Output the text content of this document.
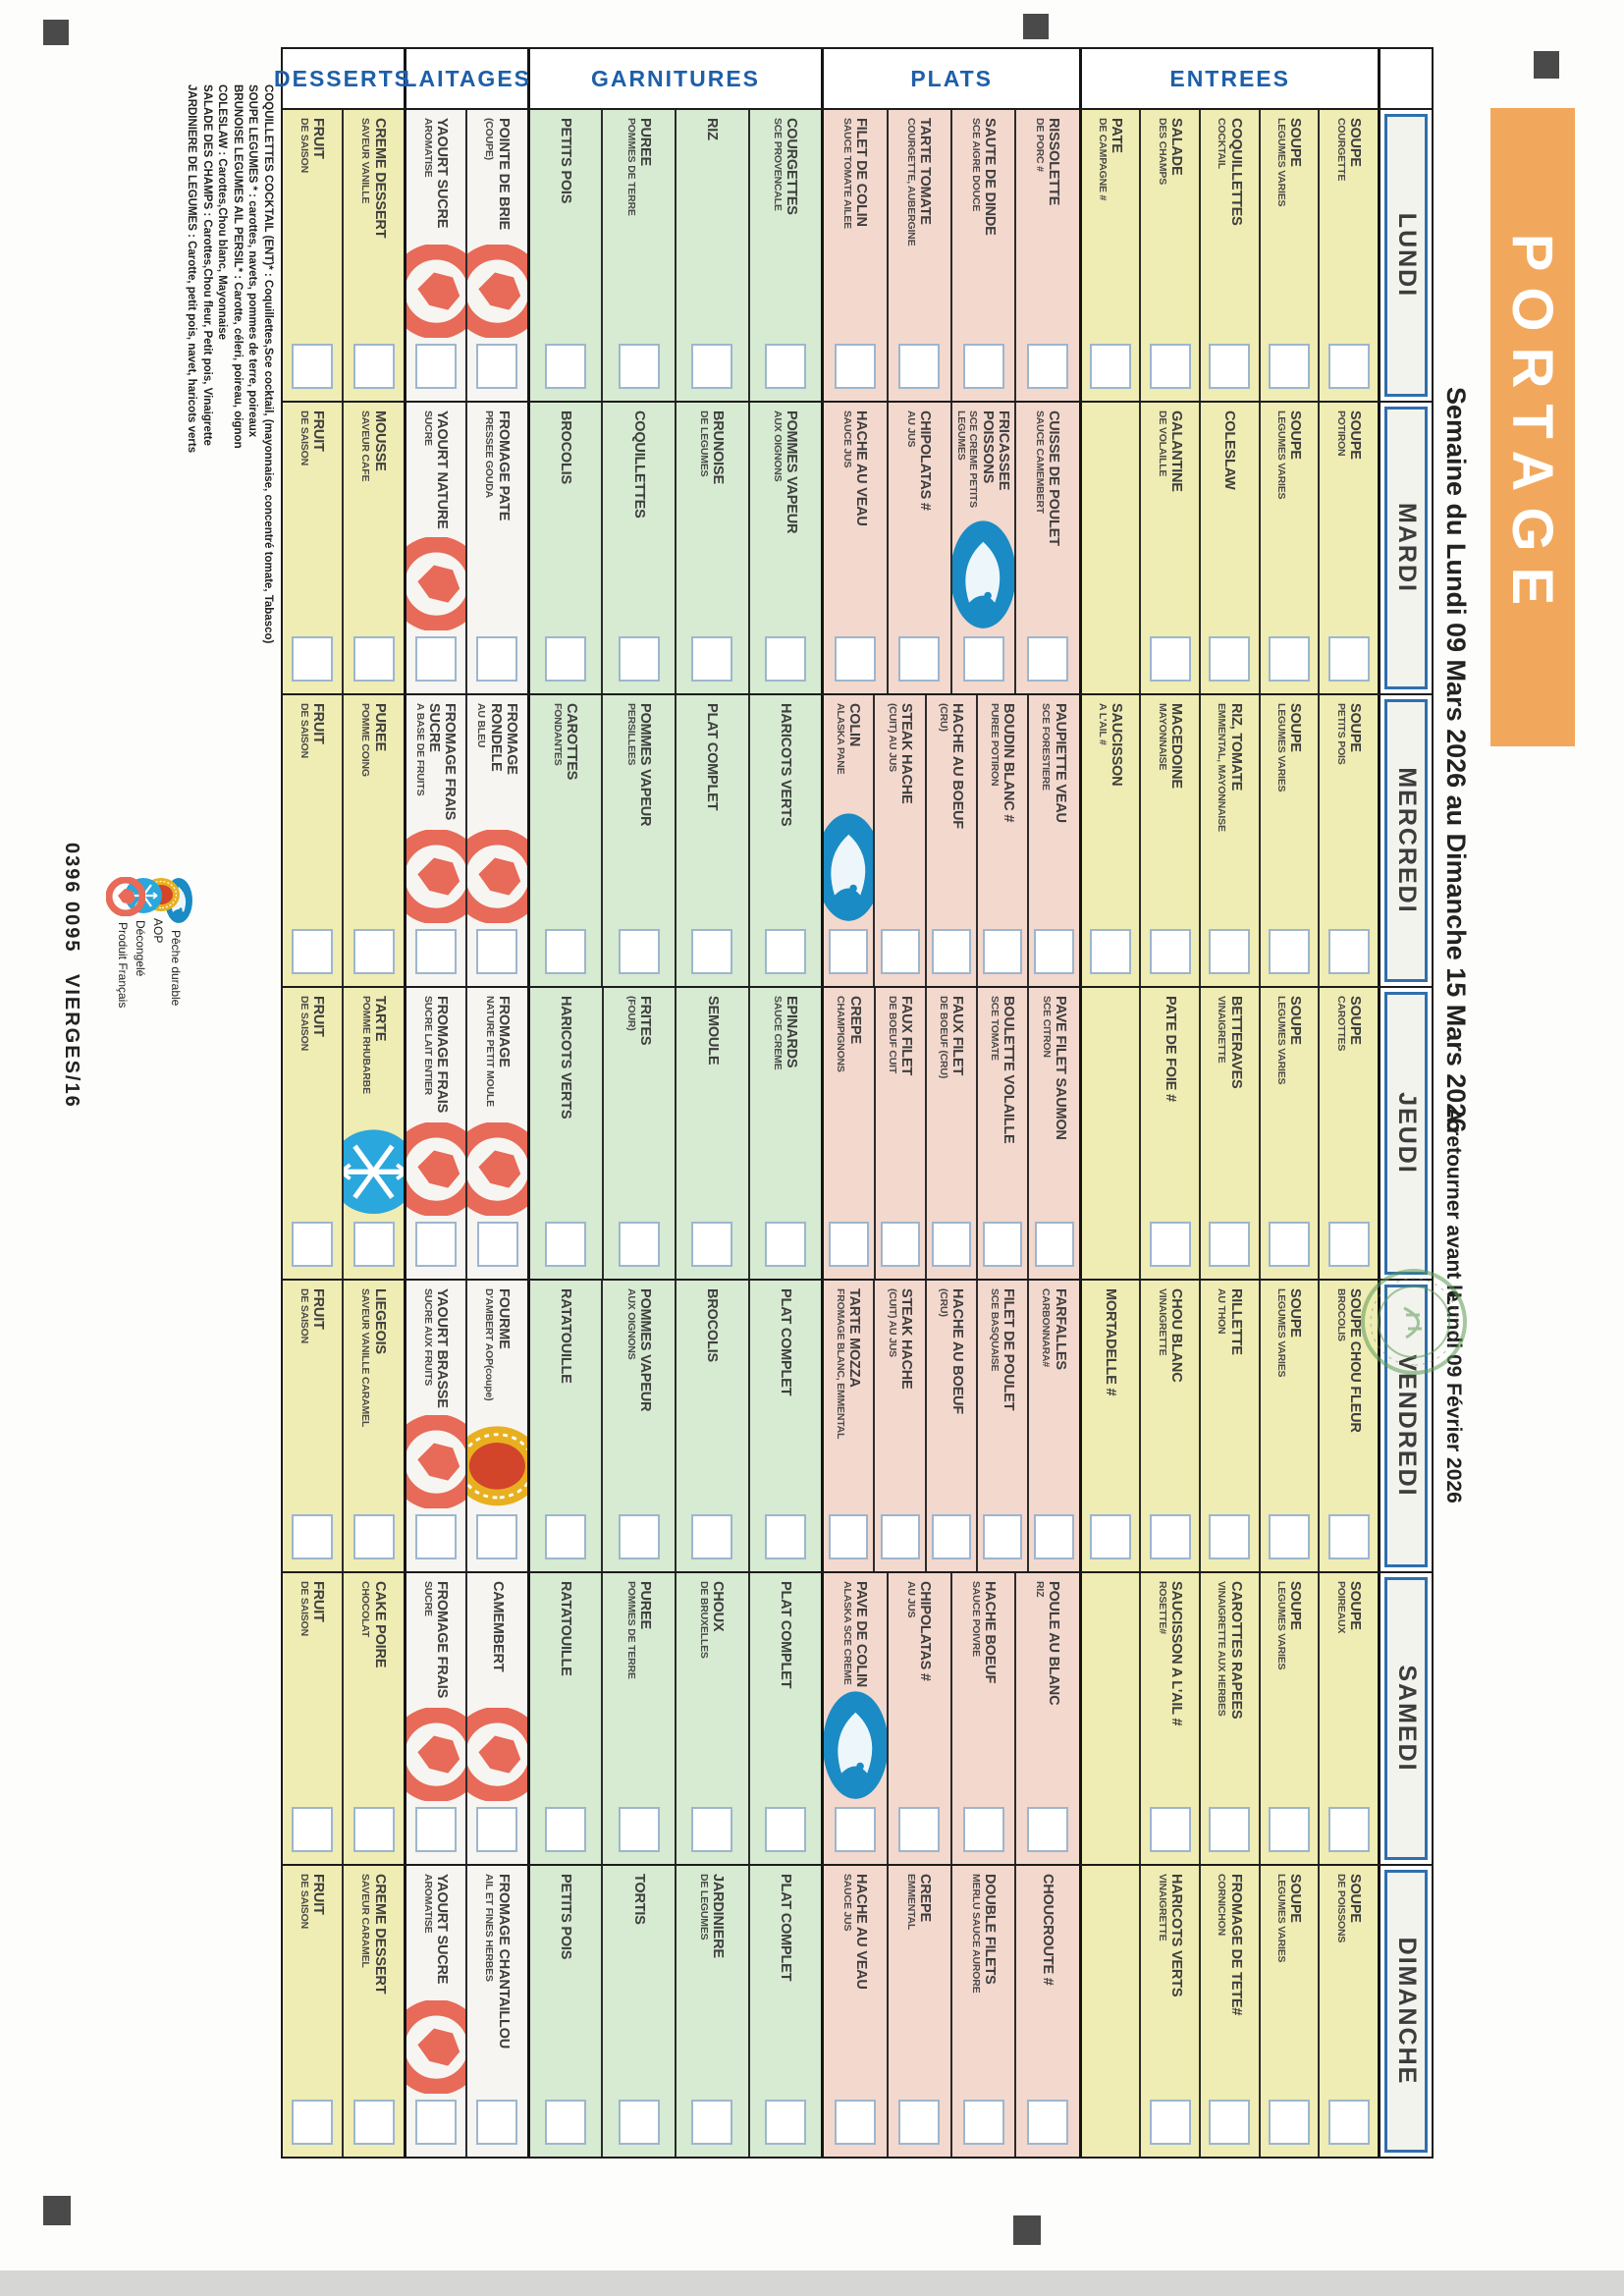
PORTAGE
Semaine du Lundi 09 Mars 2026 au Dimanche 15 Mars 2026
A retourner avant le
Lundi 09 Février 2026
ENTREES
PLATS
GARNITURES
LAITAGES
DESSERTS
LUNDI
SOUPE
COURGETTE
SOUPE
LEGUMES VARIES
COQUILLETTES
COCKTAIL
SALADE
DES CHAMPS
PATE
DE CAMPAGNE #
RISSOLETTE
DE PORC #
SAUTE DE DINDE
SCE AIGRE DOUCE
TARTE TOMATE
COURGETTE, AUBERGINE
FILET DE COLIN
SAUCE TOMATE AILEE
COURGETTES
SCE PROVENCALE
RIZ
PUREE
POMMES DE TERRE
PETITS POIS
POINTE DE BRIE
(COUPE)
YAOURT SUCRE
AROMATISE
CREME DESSERT
SAVEUR VANILLE
FRUIT
DE SAISON
MARDI
SOUPE
POTIRON
SOUPE
LEGUMES VARIES
COLESLAW
GALANTINE
DE VOLAILLE
CUISSE DE POULET
SAUCE CAMEMBERT
FRICASSEE POISSONS
SCE CREME PETITS LEGUMES
CHIPOLATAS #
AU JUS
HACHE AU VEAU
SAUCE JUS
POMMES VAPEUR
AUX OIGNONS
BRUNOISE
DE LEGUMES
COQUILLETTES
BROCOLIS
FROMAGE PATE
PRESSEE GOUDA
YAOURT NATURE
SUCRE
MOUSSE
SAVEUR CAFE
FRUIT
DE SAISON
MERCREDI
SOUPE
PETITS POIS
SOUPE
LEGUMES VARIES
RIZ, TOMATE
EMMENTAL, MAYONNAISE
MACEDOINE
MAYONNAISE
SAUCISSON
A L'AIL #
PAUPIETTE VEAU
SCE FORESTIERE
BOUDIN BLANC #
PUREE POTIRON
HACHE AU BOEUF
(CRU)
STEAK HACHE
(CUIT) AU JUS
COLIN
ALASKA PANE
HARICOTS VERTS
PLAT COMPLET
POMMES VAPEUR
PERSILLEES
CAROTTES
FONDANTES
FROMAGE RONDELE
AU BLEU
FROMAGE FRAIS SUCRE
A BASE DE FRUITS
PUREE
POMME COING
FRUIT
DE SAISON
JEUDI
SOUPE
CAROTTES
SOUPE
LEGUMES VARIES
BETTERAVES
VINAIGRETTE
PATE DE FOIE #
PAVE FILET SAUMON
SCE CITRON
BOULETTE VOLAILLE
SCE TOMATE
FAUX FILET
DE BOEUF (CRU)
FAUX FILET
DE BOEUF CUIT
CREPE
CHAMPIGNONS
EPINARDS
SAUCE CREME
SEMOULE
FRITES
(FOUR)
HARICOTS VERTS
FROMAGE
NATURE PETIT MOULE
FROMAGE FRAIS
SUCRE LAIT ENTIER
TARTE
POMME RHUBARBE
FRUIT
DE SAISON
VENDREDI
SOUPE CHOU FLEUR
BROCOLIS
SOUPE
LEGUMES VARIES
RILLETTE
AU THON
CHOU BLANC
VINAIGRETTE
MORTADELLE #
FARFALLES
CARBONNARA#
FILET DE POULET
SCE BASQUAISE
HACHE AU BOEUF
(CRU)
STEAK HACHE
(CUIT) AU JUS
TARTE MOZZA
FROMAGE BLANC, EMMENTAL
PLAT COMPLET
BROCOLIS
POMMES VAPEUR
AUX OIGNONS
RATATOUILLE
FOURME
D'AMBERT AOP(coupe)
YAOURT BRASSE
SUCRE AUX FRUITS
LIEGEOIS
SAVEUR VANILLE CARAMEL
FRUIT
DE SAISON
SAMEDI
SOUPE
POIREAUX
SOUPE
LEGUMES VARIES
CAROTTES RAPEES
VINAIGRETTE AUX HERBES
SAUCISSON A L'AIL #
ROSETTE#
POULE AU BLANC
RIZ
HACHE BOEUF
SAUCE POIVRE
CHIPOLATAS #
AU JUS
PAVE DE COLIN
ALASKA SCE CREME
PLAT COMPLET
CHOUX
DE BRUXELLES
PUREE
POMMES DE TERRE
RATATOUILLE
CAMEMBERT
FROMAGE FRAIS
SUCRE
CAKE POIRE
CHOCOLAT
FRUIT
DE SAISON
DIMANCHE
SOUPE
DE POISSONS
SOUPE
LEGUMES VARIES
FROMAGE DE TETE#
CORNICHON
HARICOTS VERTS
VINAIGRETTE
CHOUCROUTE #
DOUBLE FILETS
MERLU SAUCE AURORE
CREPE
EMMENTAL
HACHE AU VEAU
SAUCE JUS
PLAT COMPLET
JARDINIERE
DE LEGUMES
TORTIS
PETITS POIS
FROMAGE CHANTAILLOU
AIL ET FINES HERBES
YAOURT SUCRE
AROMATISE
CREME DESSERT
SAVEUR CARAMEL
FRUIT
DE SAISON
COQUILLETTES COCKTAIL (ENT)* : Coquillettes,Sce cocktail, (mayonnaise, concentré tomate, Tabasco)
SOUPE LEGUMES * : carottes, navets, pommes de terre, poireaux
BRUNOISE LEGUMES AIL PERSIL* : Carotte, céleri, poireau, oignon
COLESLAW : Carottes,Chou blanc, Mayonnaise
SALADE DES CHAMPS : Carottes,Chou fleur, Petit pois, Vinaigrette
JARDINIERE DE LEGUMES : Carotte, petit pois, navet, haricots verts
Pêche durable
AOP
Décongelé
Produit Français
0396 0095
VIERGES/16
